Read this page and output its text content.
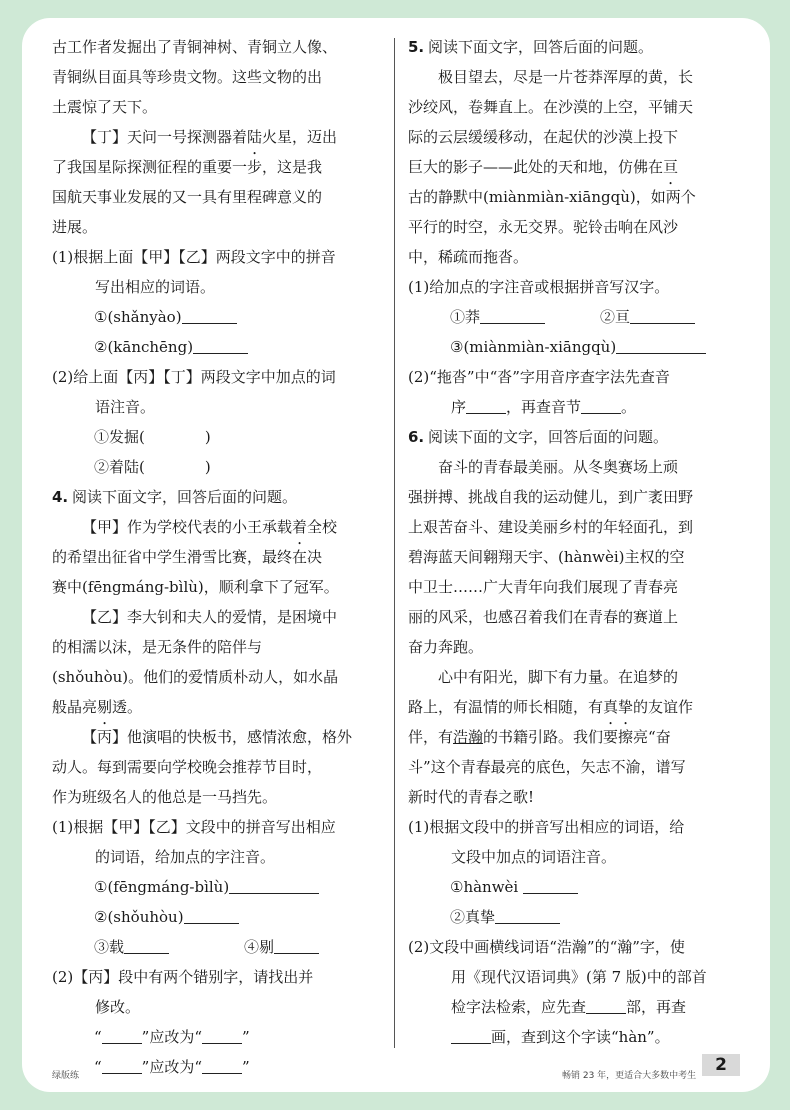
古工作者发掘出了青铜神树、青铜立人像、

青铜纵目面具等珍贵文物。这些文物的出

土震惊了天下。

【丁】天问一号探测器着陆火星，迈出

了我国星际探测征程的重要一步，这是我

国航天事业发展的又一具有里程碑意义的

进展。

(1)根据上面【甲】【乙】两段文字中的拼音
写出相应的词语。

①(shǎnyào)

②(kānchēng)

(2)给上面【丙】【丁】两段文字中加点的词
语注音。

①发掘(	)

②着陆(	)

4. 阅读下面文字，回答后面的问题。

【甲】作为学校代表的小王承载着全校

的希望出征省中学生滑雪比赛，最终在决

赛中(fēngmáng-bìlù)，顺利拿下了冠军。

【乙】李大钊和夫人的爱情，是困境中

的相濡以沫，是无条件的陪伴与

(shǒuhòu)。他们的爱情质朴动人，如水晶

般晶亮剔透。

【丙】他演唱的快板书，感情浓愈，格外

动人。每到需要向学校晚会推荐节目时，

作为班级名人的他总是一马挡先。

(1)根据【甲】【乙】文段中的拼音写出相应
的词语，给加点的字注音。

①(fēngmáng-bìlù)

②(shǒuhòu)

③载	④剔

(2)【丙】段中有两个错别字，请找出并
修改。

“	”应改为“	”

“	”应改为“	”

5. 阅读下面文字，回答后面的问题。

极目望去，尽是一片苍莽浑厚的黄，长

沙绞风，卷舞直上。在沙漠的上空，平铺天

际的云层缓缓移动，在起伏的沙漠上投下

巨大的影子——此处的天和地，仿佛在亘

古的静默中(miànmiàn-xiāngqù)，如两个

平行的时空，永无交界。驼铃击响在风沙

中，稀疏而拖沓。

(1)给加点的字注音或根据拼音写汉字。

①莽	②亘

③(miànmiàn-xiāngqù)

(2)“拖沓”中“沓”字用音序查字法先查音
序	，再查音节	。

6. 阅读下面的文字，回答后面的问题。

奋斗的青春最美丽。从冬奥赛场上顽

强拼搏、挑战自我的运动健儿，到广袤田野

上艰苦奋斗、建设美丽乡村的年轻面孔，到

碧海蓝天间翱翔天宇、(hànwèi)主权的空

中卫士……广大青年向我们展现了青春亮

丽的风采，也感召着我们在青春的赛道上

奋力奔跑。

心中有阳光，脚下有力量。在追梦的

路上，有温情的师长相随，有真挚的友谊作

伴，有浩瀚的书籍引路。我们要擦亮“奋

斗”这个青春最亮的底色，矢志不渝，谱写

新时代的青春之歌!

(1)根据文段中的拼音写出相应的词语，给
文段中加点的词语注音。

①hànwèi

②真挚

(2)文段中画横线词语“浩瀚”的“瀚”字，使
用《现代汉语词典》(第 7 版)中的部首
检字法检索，应先查	部，再查
画，查到这个字读“hàn”。

绿版练	畅销 23 年，更适合大多数中考生
2
